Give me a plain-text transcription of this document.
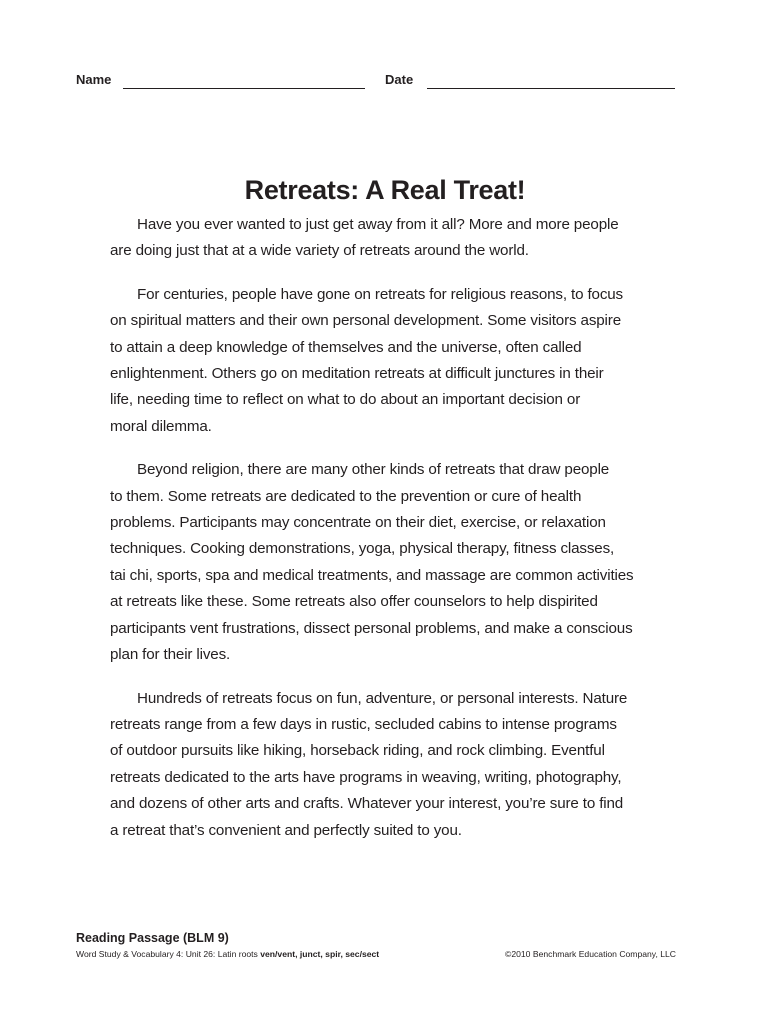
Name	Date
Retreats: A Real Treat!

Have you ever wanted to just get away from it all? More and more people
are doing just that at a wide variety of retreats around the world.

For centuries, people have gone on retreats for religious reasons, to focus
on spiritual matters and their own personal development. Some visitors aspire
to attain a deep knowledge of themselves and the universe, often called
enlightenment. Others go on meditation retreats at difficult junctures in their
life, needing time to reflect on what to do about an important decision or
moral dilemma.

Beyond religion, there are many other kinds of retreats that draw people
to them. Some retreats are dedicated to the prevention or cure of health
problems. Participants may concentrate on their diet, exercise, or relaxation
techniques. Cooking demonstrations, yoga, physical therapy, fitness classes,
tai chi, sports, spa and medical treatments, and massage are common activities
at retreats like these. Some retreats also offer counselors to help dispirited
participants vent frustrations, dissect personal problems, and make a conscious
plan for their lives.

Hundreds of retreats focus on fun, adventure, or personal interests. Nature
retreats range from a few days in rustic, secluded cabins to intense programs
of outdoor pursuits like hiking, horseback riding, and rock climbing. Eventful
retreats dedicated to the arts have programs in weaving, writing, photography,
and dozens of other arts and crafts. Whatever your interest, you’re sure to find
a retreat that’s convenient and perfectly suited to you.

Reading Passage (BLM 9)
Word Study & Vocabulary 4: Unit 26: Latin roots ven/vent, junct, spir, sec/sect	©2010 Benchmark Education Company, LLC
